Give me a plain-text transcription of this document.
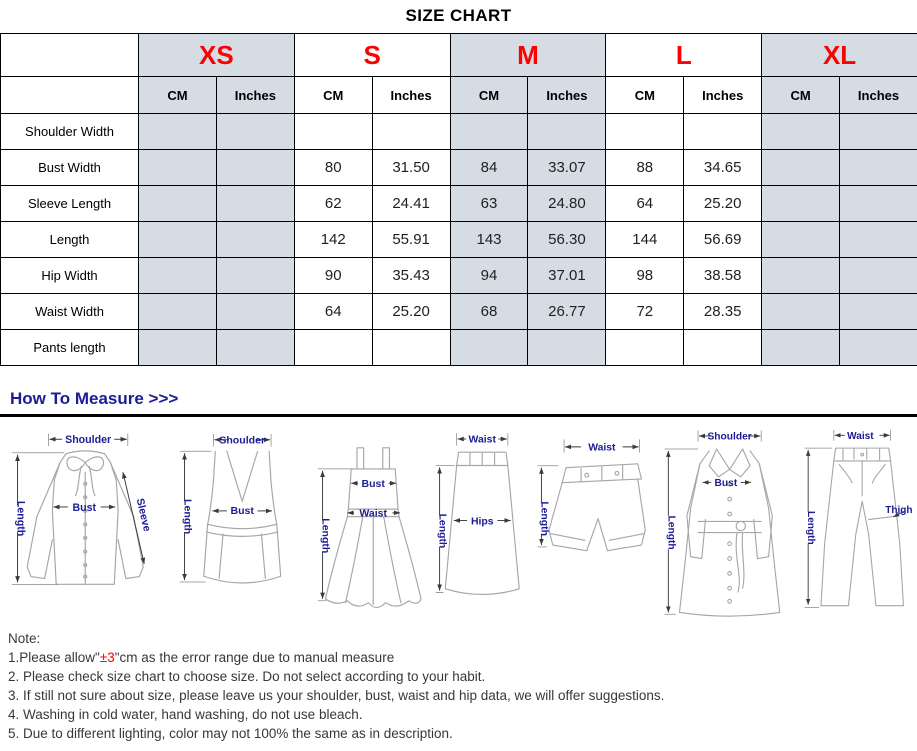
SIZE CHART
	XS		S		M		L		XL	
	CM	Inches	CM	Inches	CM	Inches	CM	Inches	CM	Inches
Shoulder Width										
Bust Width			80	31.50	84	33.07	88	34.65		
Sleeve Length			62	24.41	63	24.80	64	25.20		
Length			142	55.91	143	56.30	144	56.69		
Hip Width			90	35.43	94	37.01	98	38.58		
Waist Width			64	25.20	68	26.77	72	28.35		
Pants length										
How To Measure >>>
Shoulder
Bust
Length	Sleeve
Shoulder
Bust
Length
Bust
Waist
Length
Waist
Hips
Length
Waist
Length
Shoulder
Bust
Length
Waist
Thigh
Length
Note:
1.Please allow"±3"cm as the error range due to manual measure
2. Please check size chart to choose size. Do not select according to your habit.
3. If still not sure about size, please leave us your shoulder, bust, waist and hip data, we will offer suggestions.
4. Washing in cold water, hand washing, do not use bleach.
5. Due to different lighting, color may not 100% the same as in description.
